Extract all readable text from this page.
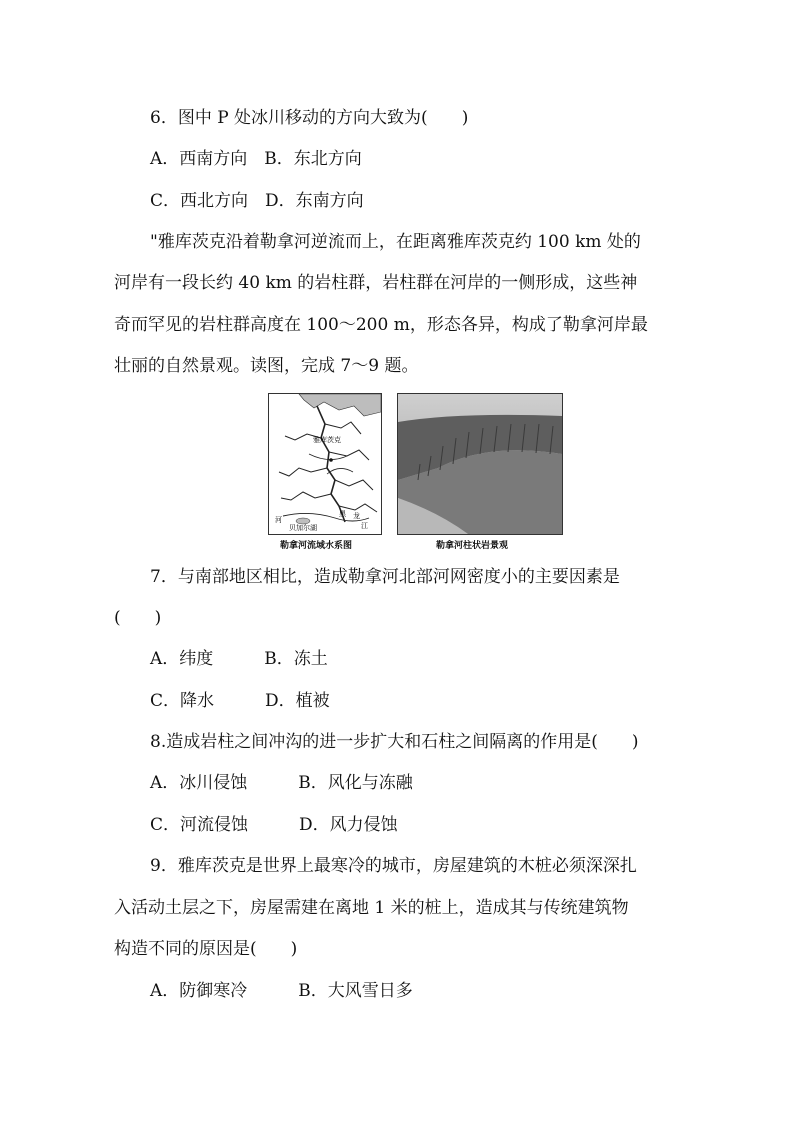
6．图中 P 处冰川移动的方向大致为(　　)
A．西南方向　B．东北方向
C．西北方向　D．东南方向
"雅库茨克沿着勒拿河逆流而上，在距离雅库茨克约 100 km 处的
河岸有一段长约 40 km 的岩柱群，岩柱群在河岸的一侧形成，这些神
奇而罕见的岩柱群高度在 100～200 m，形态各异，构成了勒拿河岸最
壮丽的自然景观。读图，完成 7～9 题。
雅库茨克
河
贝加尔湖
黑 龙
江
勒拿河流域水系图	勒拿河柱状岩景观
7．与南部地区相比，造成勒拿河北部河网密度小的主要因素是
(　　)
A．纬度　　　B．冻土
C．降水　　　D．植被
8.造成岩柱之间冲沟的进一步扩大和石柱之间隔离的作用是(　　)
A．冰川侵蚀　　　B．风化与冻融
C．河流侵蚀　　　D．风力侵蚀
9．雅库茨克是世界上最寒冷的城市，房屋建筑的木桩必须深深扎
入活动土层之下，房屋需建在离地 1 米的桩上，造成其与传统建筑物
构造不同的原因是(　　)
A．防御寒冷　　　B．大风雪日多
